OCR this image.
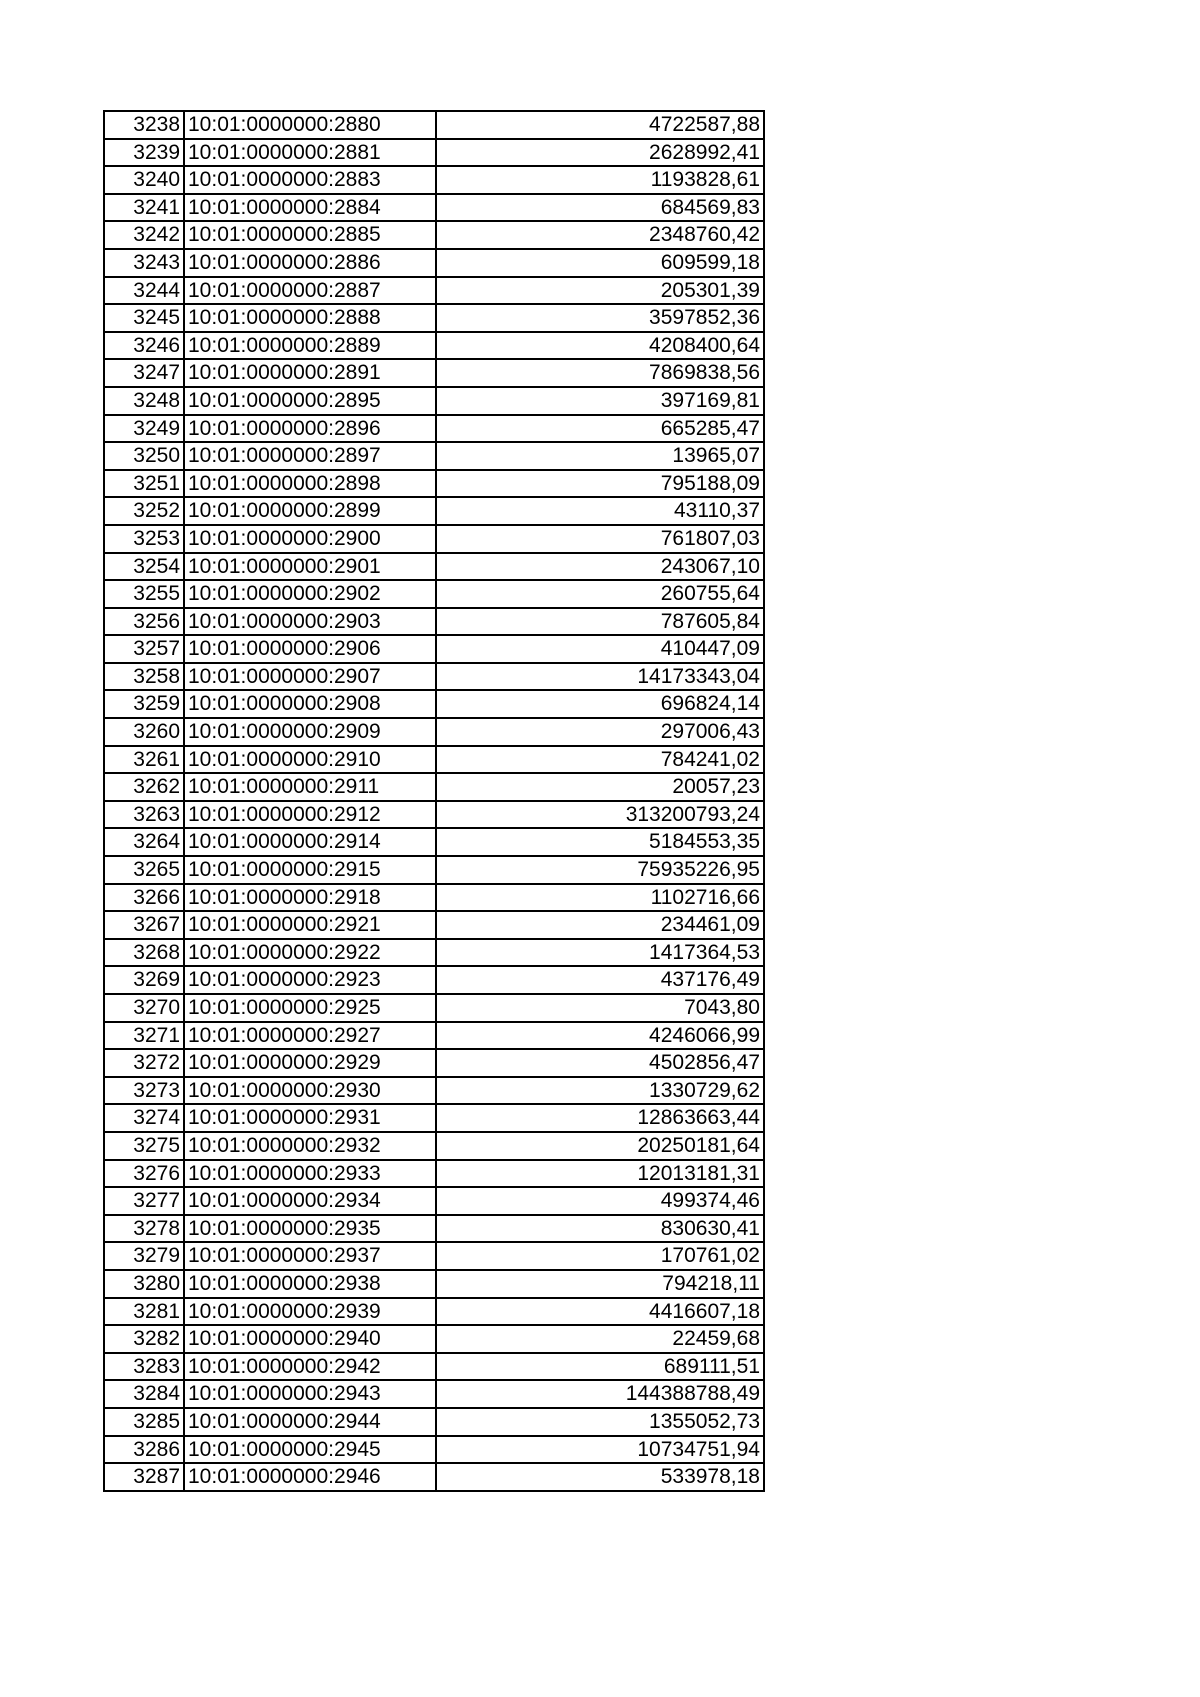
3238	10:01:0000000:2880	4722587,88
3239	10:01:0000000:2881	2628992,41
3240	10:01:0000000:2883	1193828,61
3241	10:01:0000000:2884	684569,83
3242	10:01:0000000:2885	2348760,42
3243	10:01:0000000:2886	609599,18
3244	10:01:0000000:2887	205301,39
3245	10:01:0000000:2888	3597852,36
3246	10:01:0000000:2889	4208400,64
3247	10:01:0000000:2891	7869838,56
3248	10:01:0000000:2895	397169,81
3249	10:01:0000000:2896	665285,47
3250	10:01:0000000:2897	13965,07
3251	10:01:0000000:2898	795188,09
3252	10:01:0000000:2899	43110,37
3253	10:01:0000000:2900	761807,03
3254	10:01:0000000:2901	243067,10
3255	10:01:0000000:2902	260755,64
3256	10:01:0000000:2903	787605,84
3257	10:01:0000000:2906	410447,09
3258	10:01:0000000:2907	14173343,04
3259	10:01:0000000:2908	696824,14
3260	10:01:0000000:2909	297006,43
3261	10:01:0000000:2910	784241,02
3262	10:01:0000000:2911	20057,23
3263	10:01:0000000:2912	313200793,24
3264	10:01:0000000:2914	5184553,35
3265	10:01:0000000:2915	75935226,95
3266	10:01:0000000:2918	1102716,66
3267	10:01:0000000:2921	234461,09
3268	10:01:0000000:2922	1417364,53
3269	10:01:0000000:2923	437176,49
3270	10:01:0000000:2925	7043,80
3271	10:01:0000000:2927	4246066,99
3272	10:01:0000000:2929	4502856,47
3273	10:01:0000000:2930	1330729,62
3274	10:01:0000000:2931	12863663,44
3275	10:01:0000000:2932	20250181,64
3276	10:01:0000000:2933	12013181,31
3277	10:01:0000000:2934	499374,46
3278	10:01:0000000:2935	830630,41
3279	10:01:0000000:2937	170761,02
3280	10:01:0000000:2938	794218,11
3281	10:01:0000000:2939	4416607,18
3282	10:01:0000000:2940	22459,68
3283	10:01:0000000:2942	689111,51
3284	10:01:0000000:2943	144388788,49
3285	10:01:0000000:2944	1355052,73
3286	10:01:0000000:2945	10734751,94
3287	10:01:0000000:2946	533978,18
